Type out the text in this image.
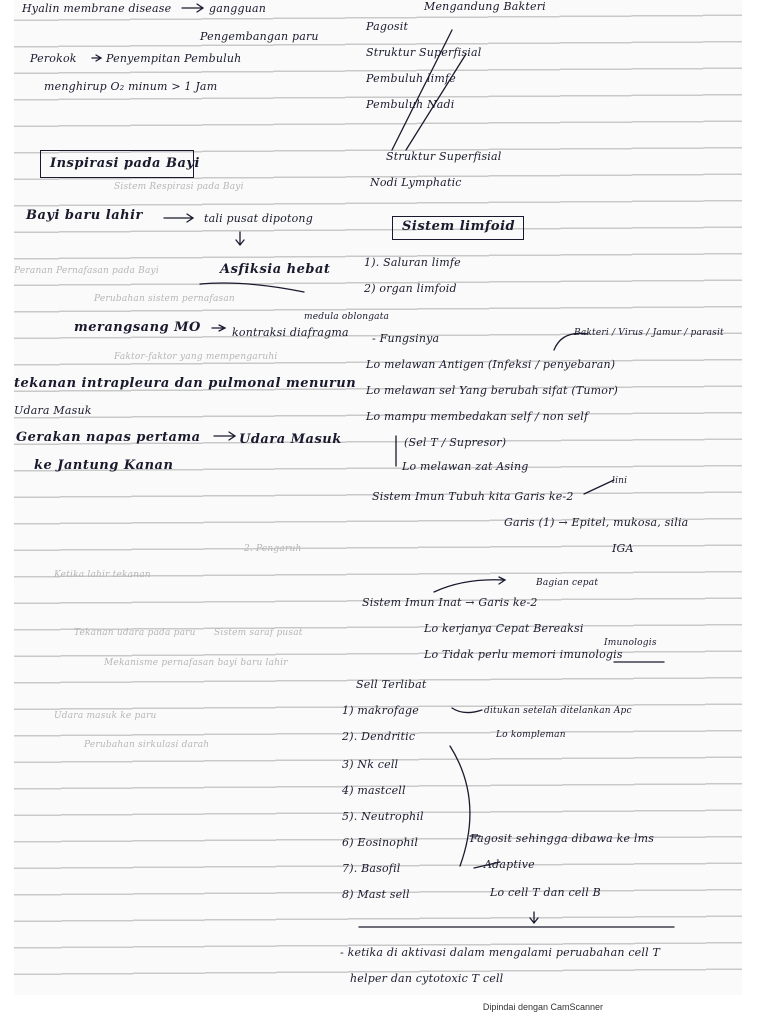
Sistem Respirasi pada Bayi
Peranan Pernafasan pada Bayi
Perubahan sistem pernafasan
Faktor-faktor yang mempengaruhi
2. Pengaruh
Ketika lahir tekanan
Tekanan udara pada paru Sistem saraf pusat
Mekanisme pernafasan bayi baru lahir
Udara masuk ke paru
Perubahan sirkulasi darah
Hyalin membrane disease	gangguan
Pengembangan paru
Perokok	Penyempitan Pembuluh
menghirup O₂ minum > 1 Jam
Inspirasi pada Bayi
Bayi baru lahir	tali pusat dipotong
Asfiksia hebat
medula oblongata
merangsang MO	kontraksi diafragma
tekanan intrapleura dan pulmonal menurun
Udara Masuk
Gerakan napas pertama	Udara Masuk
ke Jantung Kanan
Mengandung Bakteri
Pagosit
Struktur Superfisial
Pembuluh limfe
Pembuluh Nadi
Struktur Superfisial
Nodi Lymphatic
Sistem limfoid
1). Saluran limfe
2) organ limfoid
- Fungsinya	Bakteri / Virus / Jamur / parasit
Lo melawan Antigen (Infeksi / penyebaran)
Lo melawan sel Yang berubah sifat (Tumor)
Lo mampu membedakan self / non self
(Sel T / Supresor)
Lo melawan zat Asing
Sistem Imun Tubuh kita Garis ke-2
lini
Garis (1) → Epitel, mukosa, silia
IGA
Bagian cepat
Sistem Imun Inat → Garis ke-2
Lo kerjanya Cepat Bereaksi
Imunologis
Lo Tidak perlu memori imunologis
Sell Terlibat
ditukan setelah ditelankan Apc
Lo kompleman
1) makrofage
2). Dendritic
3) Nk cell
4) mastcell
5). Neutrophil
6) Eosinophil
7). Basofil
8) Mast sell
Fagosit sehingga dibawa ke lms
Adaptive
Lo cell T dan cell B
- ketika di aktivasi dalam mengalami peruabahan cell T
helper dan cytotoxic T cell
Dipindai dengan CamScanner
